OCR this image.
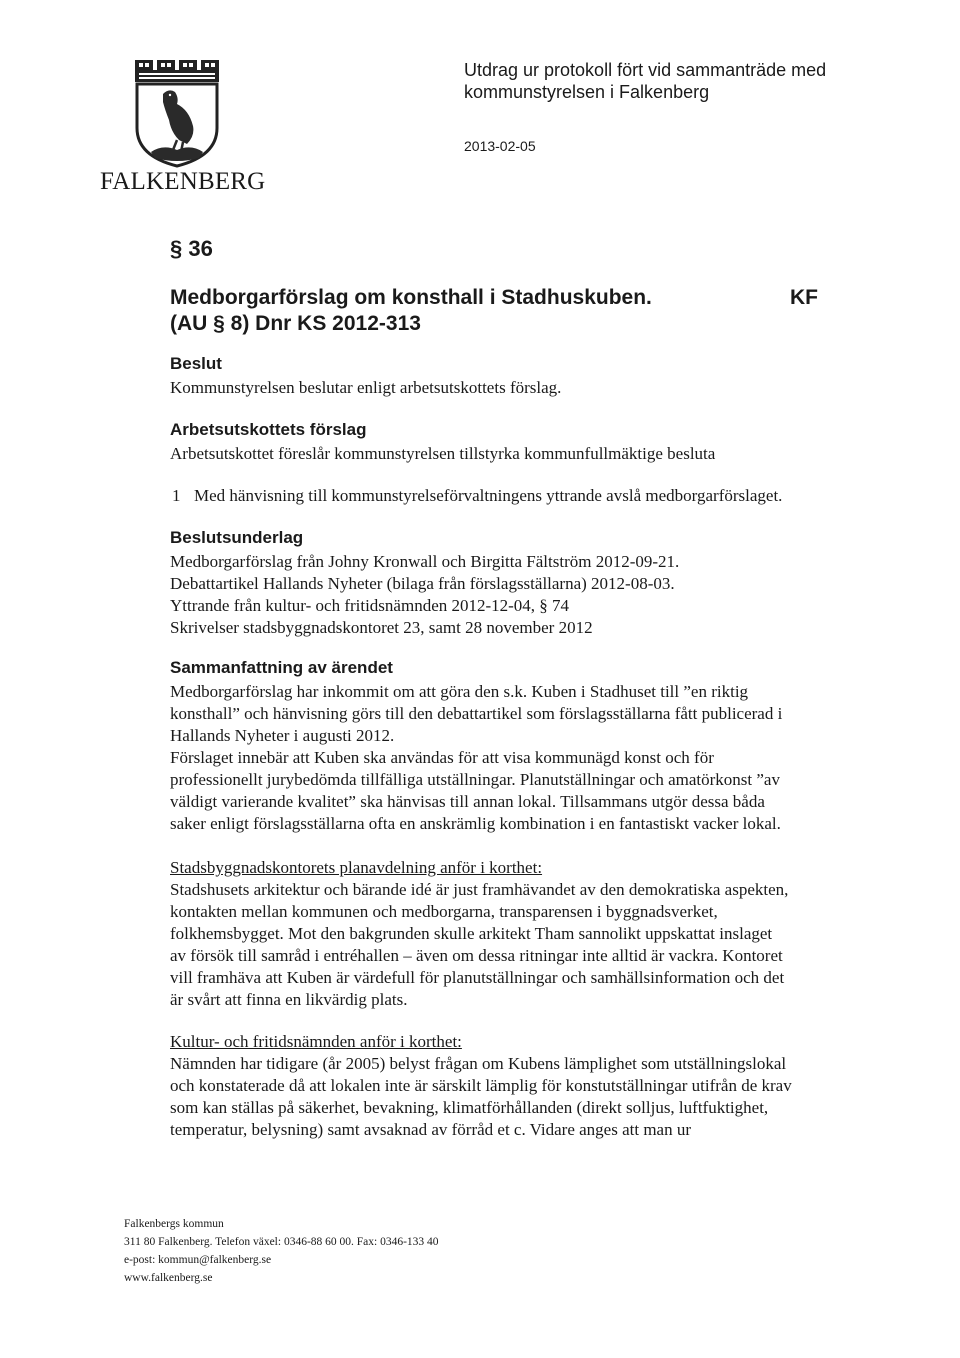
FALKENBERG
Utdrag ur protokoll fört vid sammanträde med
kommunstyrelsen i Falkenberg
2013-02-05
§ 36
Medborgarförslag om konsthall i Stadhuskuben.
(AU § 8) Dnr KS 2012-313
KF
Beslut
Kommunstyrelsen beslutar enligt arbetsutskottets förslag.
Arbetsutskottets förslag
Arbetsutskottet föreslår kommunstyrelsen tillstyrka kommunfullmäktige besluta
1 Med hänvisning till kommunstyrelseförvaltningens yttrande avslå medborgarförslaget.
Beslutsunderlag
Medborgarförslag från Johny Kronwall och Birgitta Fältström 2012-09-21.
Debattartikel Hallands Nyheter (bilaga från förslagsställarna) 2012-08-03.
Yttrande från kultur- och fritidsnämnden 2012-12-04, § 74
Skrivelser stadsbyggnadskontoret 23, samt 28 november 2012
Sammanfattning av ärendet
Medborgarförslag har inkommit om att göra den s.k. Kuben i Stadhuset till ”en riktig
konsthall” och hänvisning görs till den debattartikel som förslagsställarna fått publicerad i
Hallands Nyheter i augusti 2012.
Förslaget innebär att Kuben ska användas för att visa kommunägd konst och för
professionellt jurybedömda tillfälliga utställningar. Planutställningar och amatörkonst ”av
väldigt varierande kvalitet” ska hänvisas till annan lokal. Tillsammans utgör dessa båda
saker enligt förslagsställarna ofta en anskrämlig kombination i en fantastiskt vacker lokal.
Stadsbyggnadskontorets planavdelning anför i korthet:
Stadshusets arkitektur och bärande idé är just framhävandet av den demokratiska aspekten,
kontakten mellan kommunen och medborgarna, transparensen i byggnadsverket,
folkhemsbygget. Mot den bakgrunden skulle arkitekt Tham sannolikt uppskattat inslaget
av försök till samråd i entréhallen – även om dessa ritningar inte alltid är vackra. Kontoret
vill framhäva att Kuben är värdefull för planutställningar och samhällsinformation och det
är svårt att finna en likvärdig plats.
Kultur- och fritidsnämnden anför i korthet:
Nämnden har tidigare (år 2005) belyst frågan om Kubens lämplighet som utställningslokal
och konstaterade då att lokalen inte är särskilt lämplig för konstutställningar utifrån de krav
som kan ställas på säkerhet, bevakning, klimatförhållanden (direkt solljus, luftfuktighet,
temperatur, belysning) samt avsaknad av förråd et c. Vidare anges att man ur
Falkenbergs kommun
311 80 Falkenberg. Telefon växel: 0346-88 60 00. Fax: 0346-133 40
e-post: kommun@falkenberg.se
www.falkenberg.se
